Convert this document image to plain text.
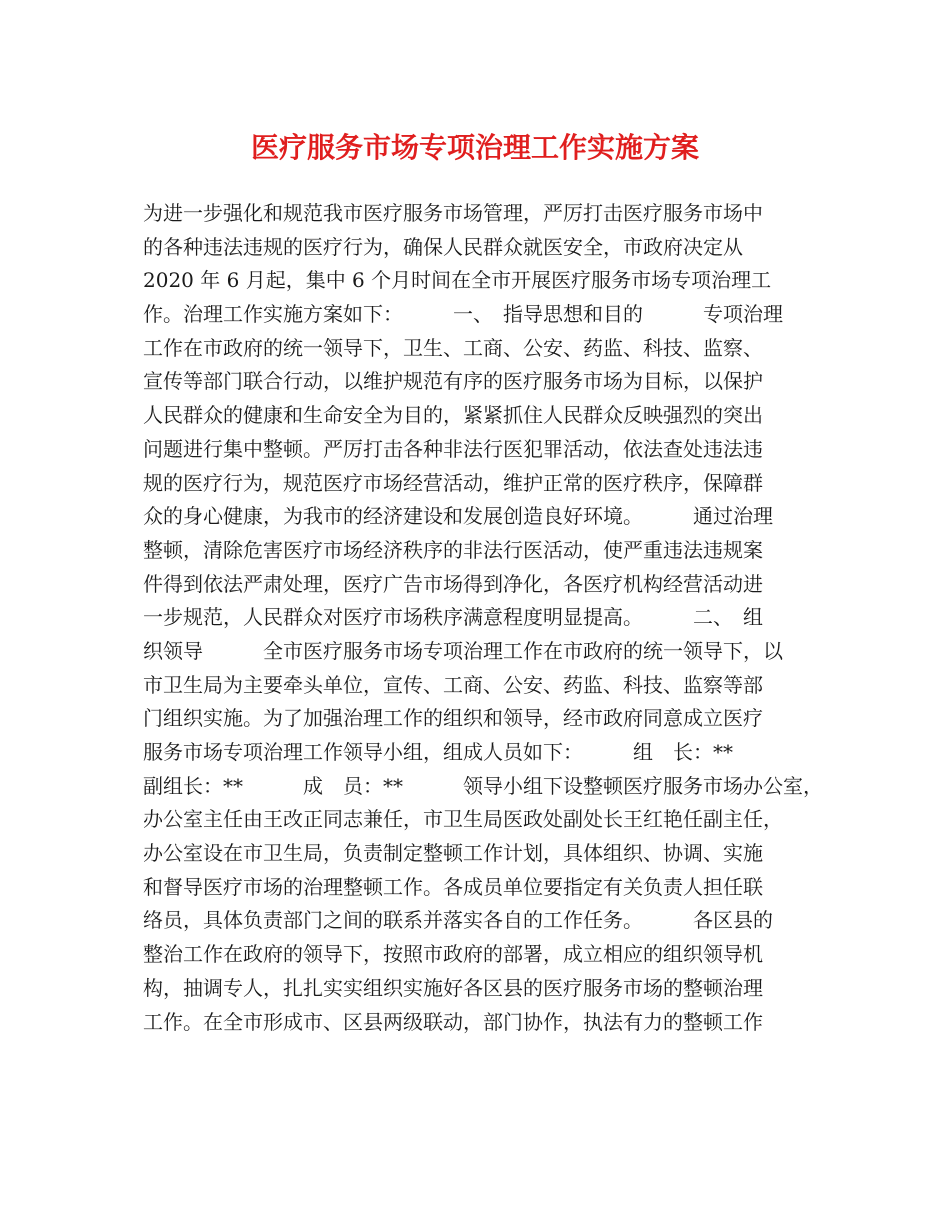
医疗服务市场专项治理工作实施方案
为进一步强化和规范我市医疗服务市场管理，严厉打击医疗服务市场中
的各种违法违规的医疗行为，确保人民群众就医安全，市政府决定从
2020 年 6 月起，集中 6 个月时间在全市开展医疗服务市场专项治理工
作。治理工作实施方案如下：　　　一、　指导思想和目的　　　专项治理
工作在市政府的统一领导下，卫生、工商、公安、药监、科技、监察、
宣传等部门联合行动，以维护规范有序的医疗服务市场为目标，以保护
人民群众的健康和生命安全为目的，紧紧抓住人民群众反映强烈的突出
问题进行集中整顿。严厉打击各种非法行医犯罪活动，依法查处违法违
规的医疗行为，规范医疗市场经营活动，维护正常的医疗秩序，保障群
众的身心健康，为我市的经济建设和发展创造良好环境。　　　通过治理
整顿，清除危害医疗市场经济秩序的非法行医活动，使严重违法违规案
件得到依法严肃处理，医疗广告市场得到净化，各医疗机构经营活动进
一步规范，人民群众对医疗市场秩序满意程度明显提高。　　　二、　组
织领导　　　全市医疗服务市场专项治理工作在市政府的统一领导下，以
市卫生局为主要牵头单位，宣传、工商、公安、药监、科技、监察等部
门组织实施。为了加强治理工作的组织和领导，经市政府同意成立医疗
服务市场专项治理工作领导小组，组成人员如下：　　　组　长：**
副组长：**　　　成　员：**　　　领导小组下设整顿医疗服务市场办公室，
办公室主任由王改正同志兼任，市卫生局医政处副处长王红艳任副主任，
办公室设在市卫生局，负责制定整顿工作计划，具体组织、协调、实施
和督导医疗市场的治理整顿工作。各成员单位要指定有关负责人担任联
络员，具体负责部门之间的联系并落实各自的工作任务。　　　各区县的
整治工作在政府的领导下，按照市政府的部署，成立相应的组织领导机
构，抽调专人，扎扎实实组织实施好各区县的医疗服务市场的整顿治理
工作。在全市形成市、区县两级联动，部门协作，执法有力的整顿工作
